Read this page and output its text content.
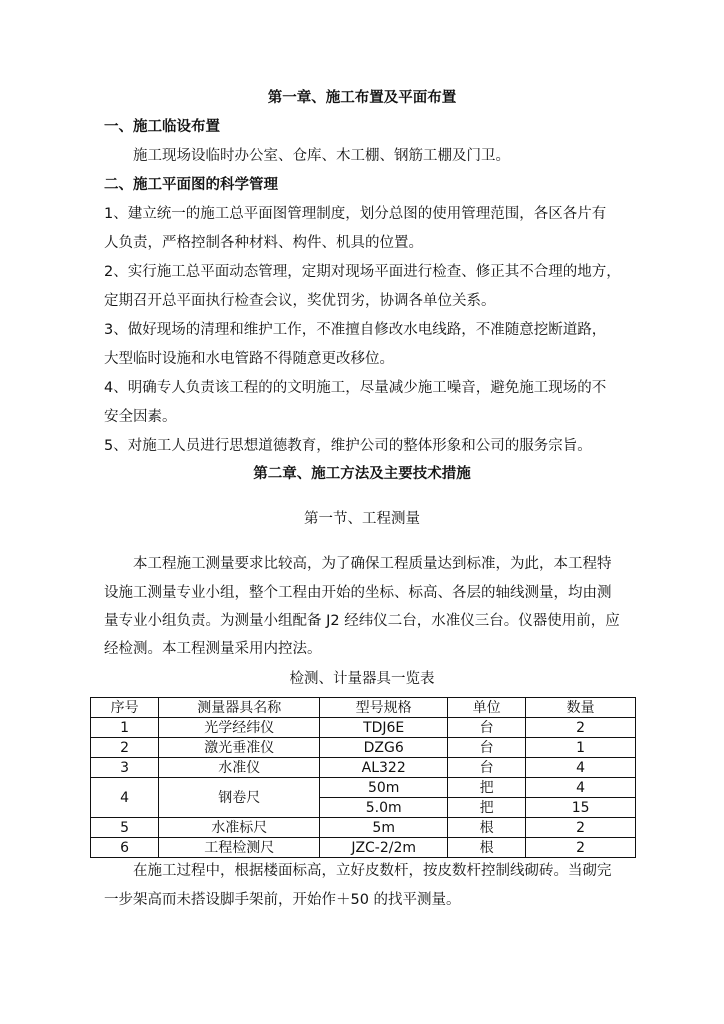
第一章、施工布置及平面布置
一、施工临设布置
施工现场设临时办公室、仓库、木工棚、钢筋工棚及门卫。
二、施工平面图的科学管理
1、建立统一的施工总平面图管理制度，划分总图的使用管理范围，各区各片有
人负责，严格控制各种材料、构件、机具的位置。
2、实行施工总平面动态管理，定期对现场平面进行检查、修正其不合理的地方，
定期召开总平面执行检查会议，奖优罚劣，协调各单位关系。
3、做好现场的清理和维护工作，不准擅自修改水电线路，不准随意挖断道路，
大型临时设施和水电管路不得随意更改移位。
4、明确专人负责该工程的的文明施工，尽量减少施工噪音，避免施工现场的不
安全因素。
5、对施工人员进行思想道德教育，维护公司的整体形象和公司的服务宗旨。
第二章、施工方法及主要技术措施
第一节、工程测量
本工程施工测量要求比较高，为了确保工程质量达到标准，为此，本工程特
设施工测量专业小组，整个工程由开始的坐标、标高、各层的轴线测量，均由测
量专业小组负责。为测量小组配备 J2 经纬仪二台，水准仪三台。仪器使用前，应
经检测。本工程测量采用内控法。
检测、计量器具一览表
序号	测量器具名称	型号规格	单位	数量
1	光学经纬仪	TDJ6E	台	2
2	激光垂准仪	DZG6	台	1
3	水准仪	AL322	台	4
4	钢卷尺	50m	把	4
		5.0m	把	15
5	水准标尺	5m	根	2
6	工程检测尺	JZC-2/2m	根	2
在施工过程中，根据楼面标高，立好皮数杆，按皮数杆控制线砌砖。当砌完
一步架高而未搭设脚手架前，开始作＋50 的找平测量。
